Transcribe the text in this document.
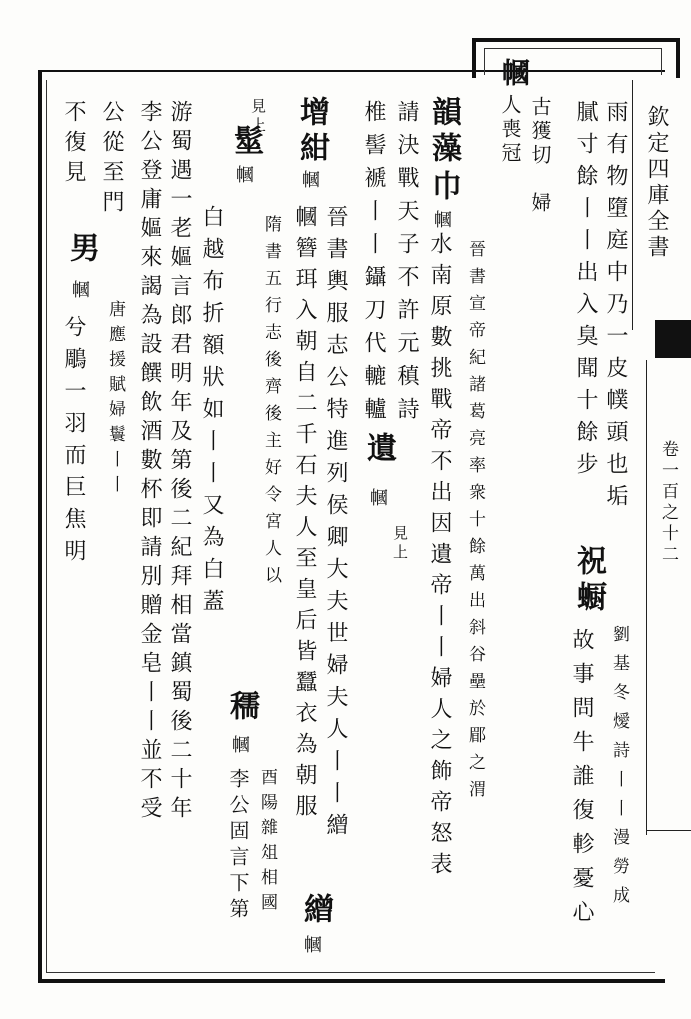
欽定四庫全書
卷一百之十二
幗
古獲切
婦
人喪冠	雨有物墮庭中乃一皮幞頭也垢
膩寸餘丨丨出入臭聞十餘步
祝蟵
劉基冬燰詩丨丨漫勞成
故事問牛誰復軫憂心
韻藻
巾
幗
晉書宣帝紀諸葛亮率衆十餘萬出斜谷壘於郿之渭
水南原數挑戰帝不出因遺帝丨丨婦人之飾帝怒表
請決戰天子不許元稹詩
遺
幗
見上
椎髻褫丨丨鑷刀代轆轤
增紺
幗
晉書輿服志公特進列侯卿大夫世婦夫人丨丨繒
幗簪珥入朝自二千石夫人至皇后皆蠶衣為朝服
繒
幗
見上
髽
幗
隋書五行志後齊後主好令宮人以
白越布折額狀如丨丨又為白蓋
穤
幗
酉陽雜俎相國
李公固言下第
游蜀遇一老嫗言郎君明年及第後二紀拜相當鎮蜀後二十年
李公登庸嫗來謁為設饌飲酒數杯即請別贈金皂丨丨並不受
公從至門
唐應援賦婦鬟丨丨
不復見
男
幗
兮鵰一羽而巨焦明
